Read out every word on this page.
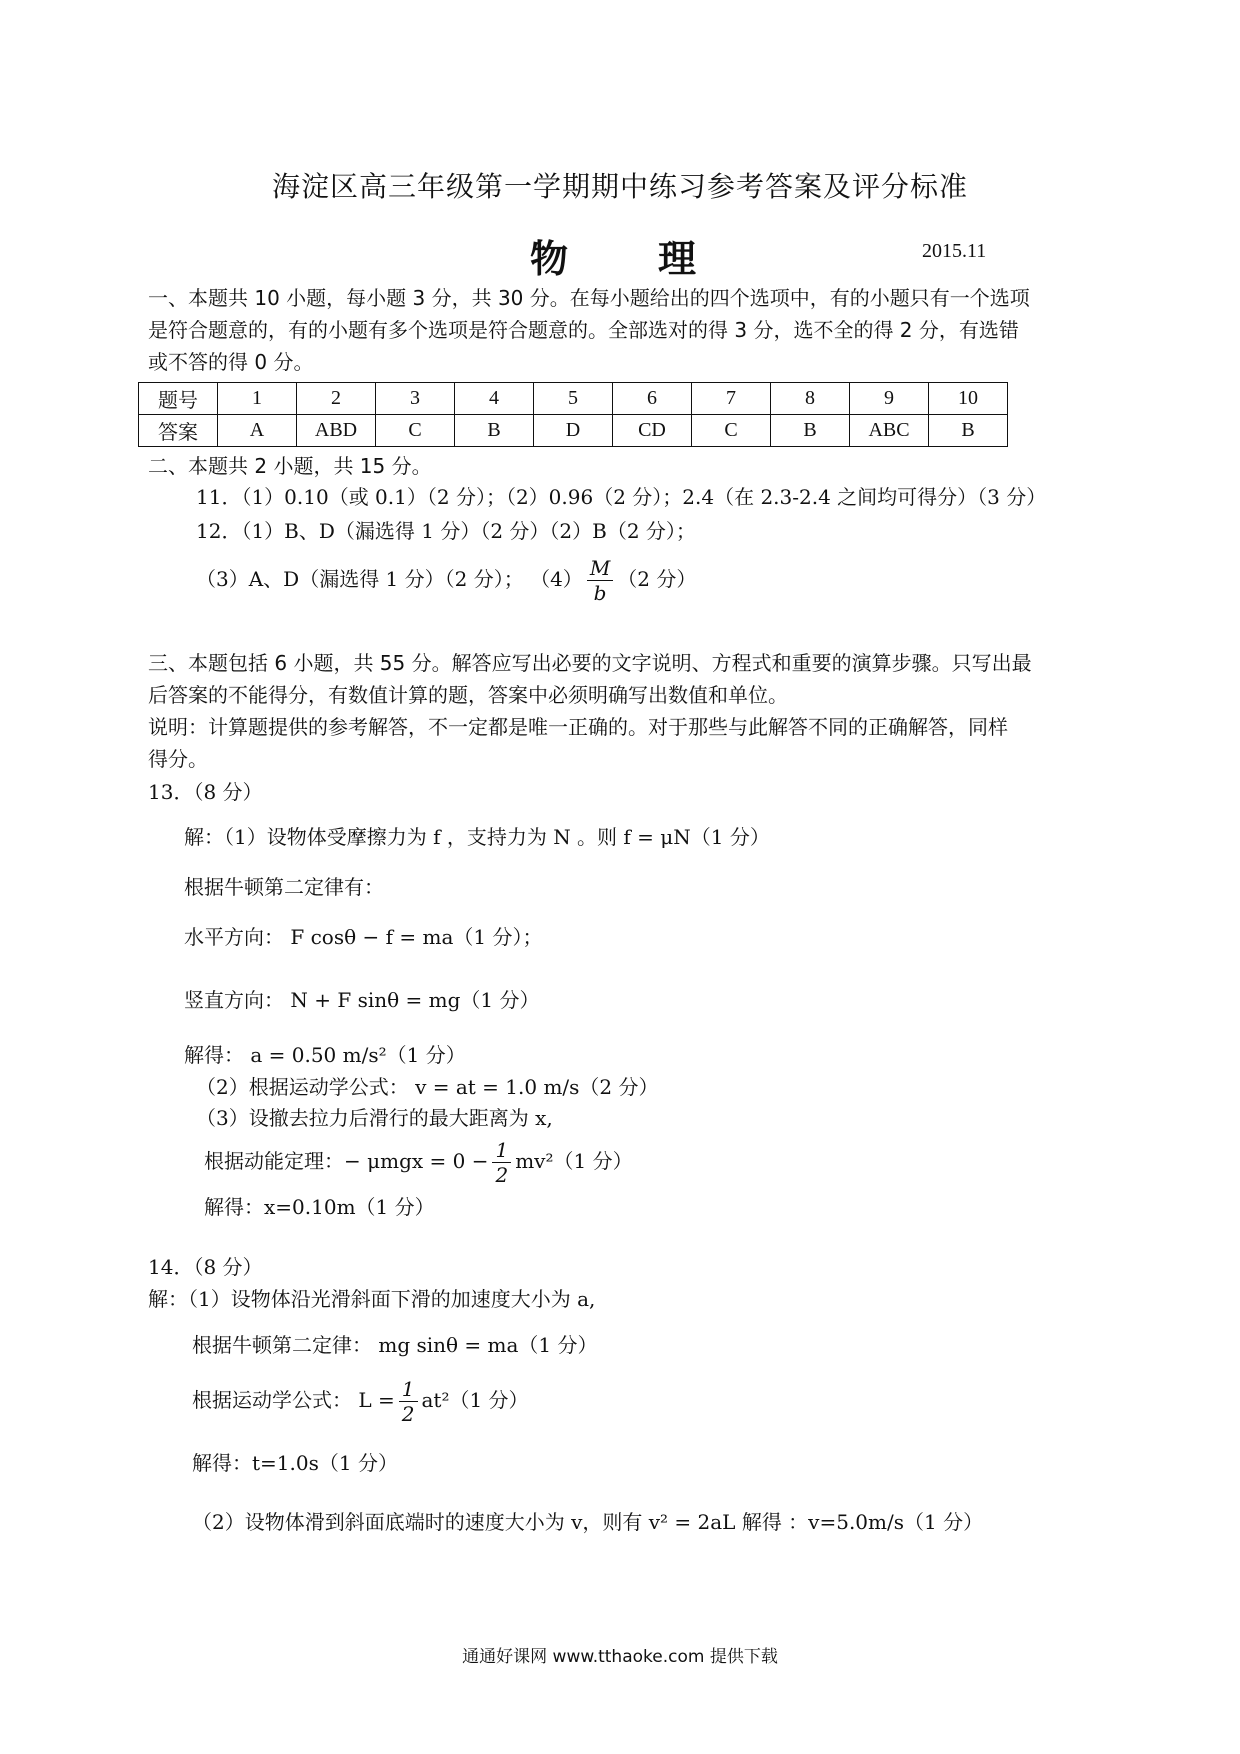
海淀区高三年级第一学期期中练习参考答案及评分标准
物 理	2015.11
一、本题共 10 小题，每小题 3 分，共 30 分。在每小题给出的四个选项中，有的小题只有一个选项
是符合题意的，有的小题有多个选项是符合题意的。全部选对的得 3 分，选不全的得 2 分，有选错
或不答的得 0 分。
题号	1	2	3	4	5	6	7	8	9	10
答案	A	ABD	C	B	D	CD	C	B	ABC	B
二、本题共 2 小题，共 15 分。
11．（1）0.10（或 0.1）（2 分）；（2）0.96（2 分）；2.4（在 2.3-2.4 之间均可得分）（3 分）
12．（1）B、D（漏选得 1 分）（2 分）（2）B（2 分）；
（3）A、D（漏选得 1 分）（2 分）； $(4) \frac{M}{b} (2$ 分）
三、本题包括 6 小题，共 55 分。解答应写出必要的文字说明、方程式和重要的演算步骤。只写出最
后答案的不能得分，有数值计算的题，答案中必须明确写出数值和单位。
说明：计算题提供的参考解答，不一定都是唯一正确的。对于那些与此解答不同的正确解答，同样
得分。
13．（8 分）
解：（1）设物体受摩擦力为 f ，支持力为 N 。则 f = μN（1 分）
根据牛顿第二定律有：
水平方向： F cosθ − f = ma（1 分）；
竖直方向： N + F sinθ = mg（1 分）
解得： a = 0.50 m/s²（1 分）
（2）根据运动学公式： v = at = 1.0 m/s（2 分）
（3）设撤去拉力后滑行的最大距离为 x,
根据动能定理：− $\mu mgx = 0 - \frac{1}{2} mv^2(1$ 分）
解得：x=0.10m（1 分）
14．（8 分）
解：（1）设物体沿光滑斜面下滑的加速度大小为 a,
根据牛顿第二定律： mg sinθ = ma（1 分）
根据运动学公式： $L = \frac{1}{2} at^2(1$ 分）
解得：t=1.0s（1 分）
（2）设物体滑到斜面底端时的速度大小为 v，则有 v² = 2aL 解得 ：v=5.0m/s（1 分）
通通好课网 www.tthaoke.com 提供下载
